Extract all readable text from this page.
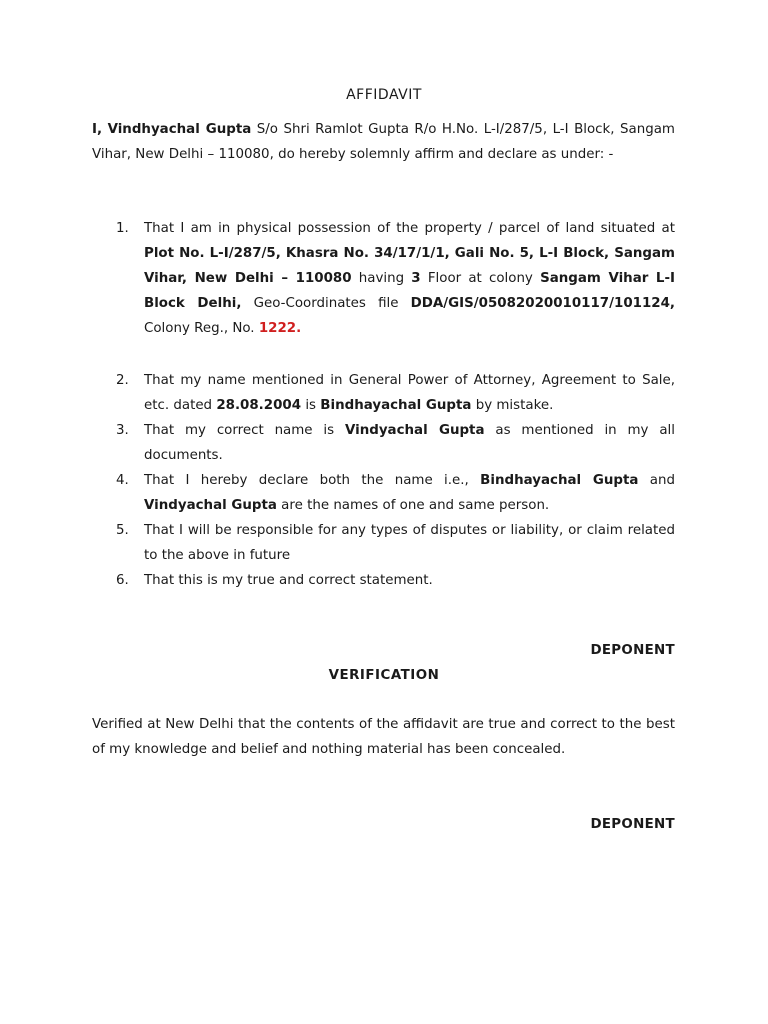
AFFIDAVIT
I, Vindhyachal Gupta S/o Shri Ramlot Gupta R/o H.No. L-I/287/5, L-I Block, Sangam Vihar, New Delhi – 110080, do hereby solemnly affirm and declare as under: -
1. That I am in physical possession of the property / parcel of land situated at Plot No. L-I/287/5, Khasra No. 34/17/1/1, Gali No. 5, L-I Block, Sangam Vihar, New Delhi – 110080 having 3 Floor at colony Sangam Vihar L-I Block Delhi, Geo-Coordinates file DDA/GIS/05082020010117/101124, Colony Reg., No. 1222.
2. That my name mentioned in General Power of Attorney, Agreement to Sale, etc. dated 28.08.2004 is Bindhayachal Gupta by mistake.
3. That my correct name is Vindyachal Gupta as mentioned in my all documents.
4. That I hereby declare both the name i.e., Bindhayachal Gupta and Vindyachal Gupta are the names of one and same person.
5. That I will be responsible for any types of disputes or liability, or claim related to the above in future
6. That this is my true and correct statement.
DEPONENT
VERIFICATION
Verified at New Delhi that the contents of the affidavit are true and correct to the best of my knowledge and belief and nothing material has been concealed.
DEPONENT
